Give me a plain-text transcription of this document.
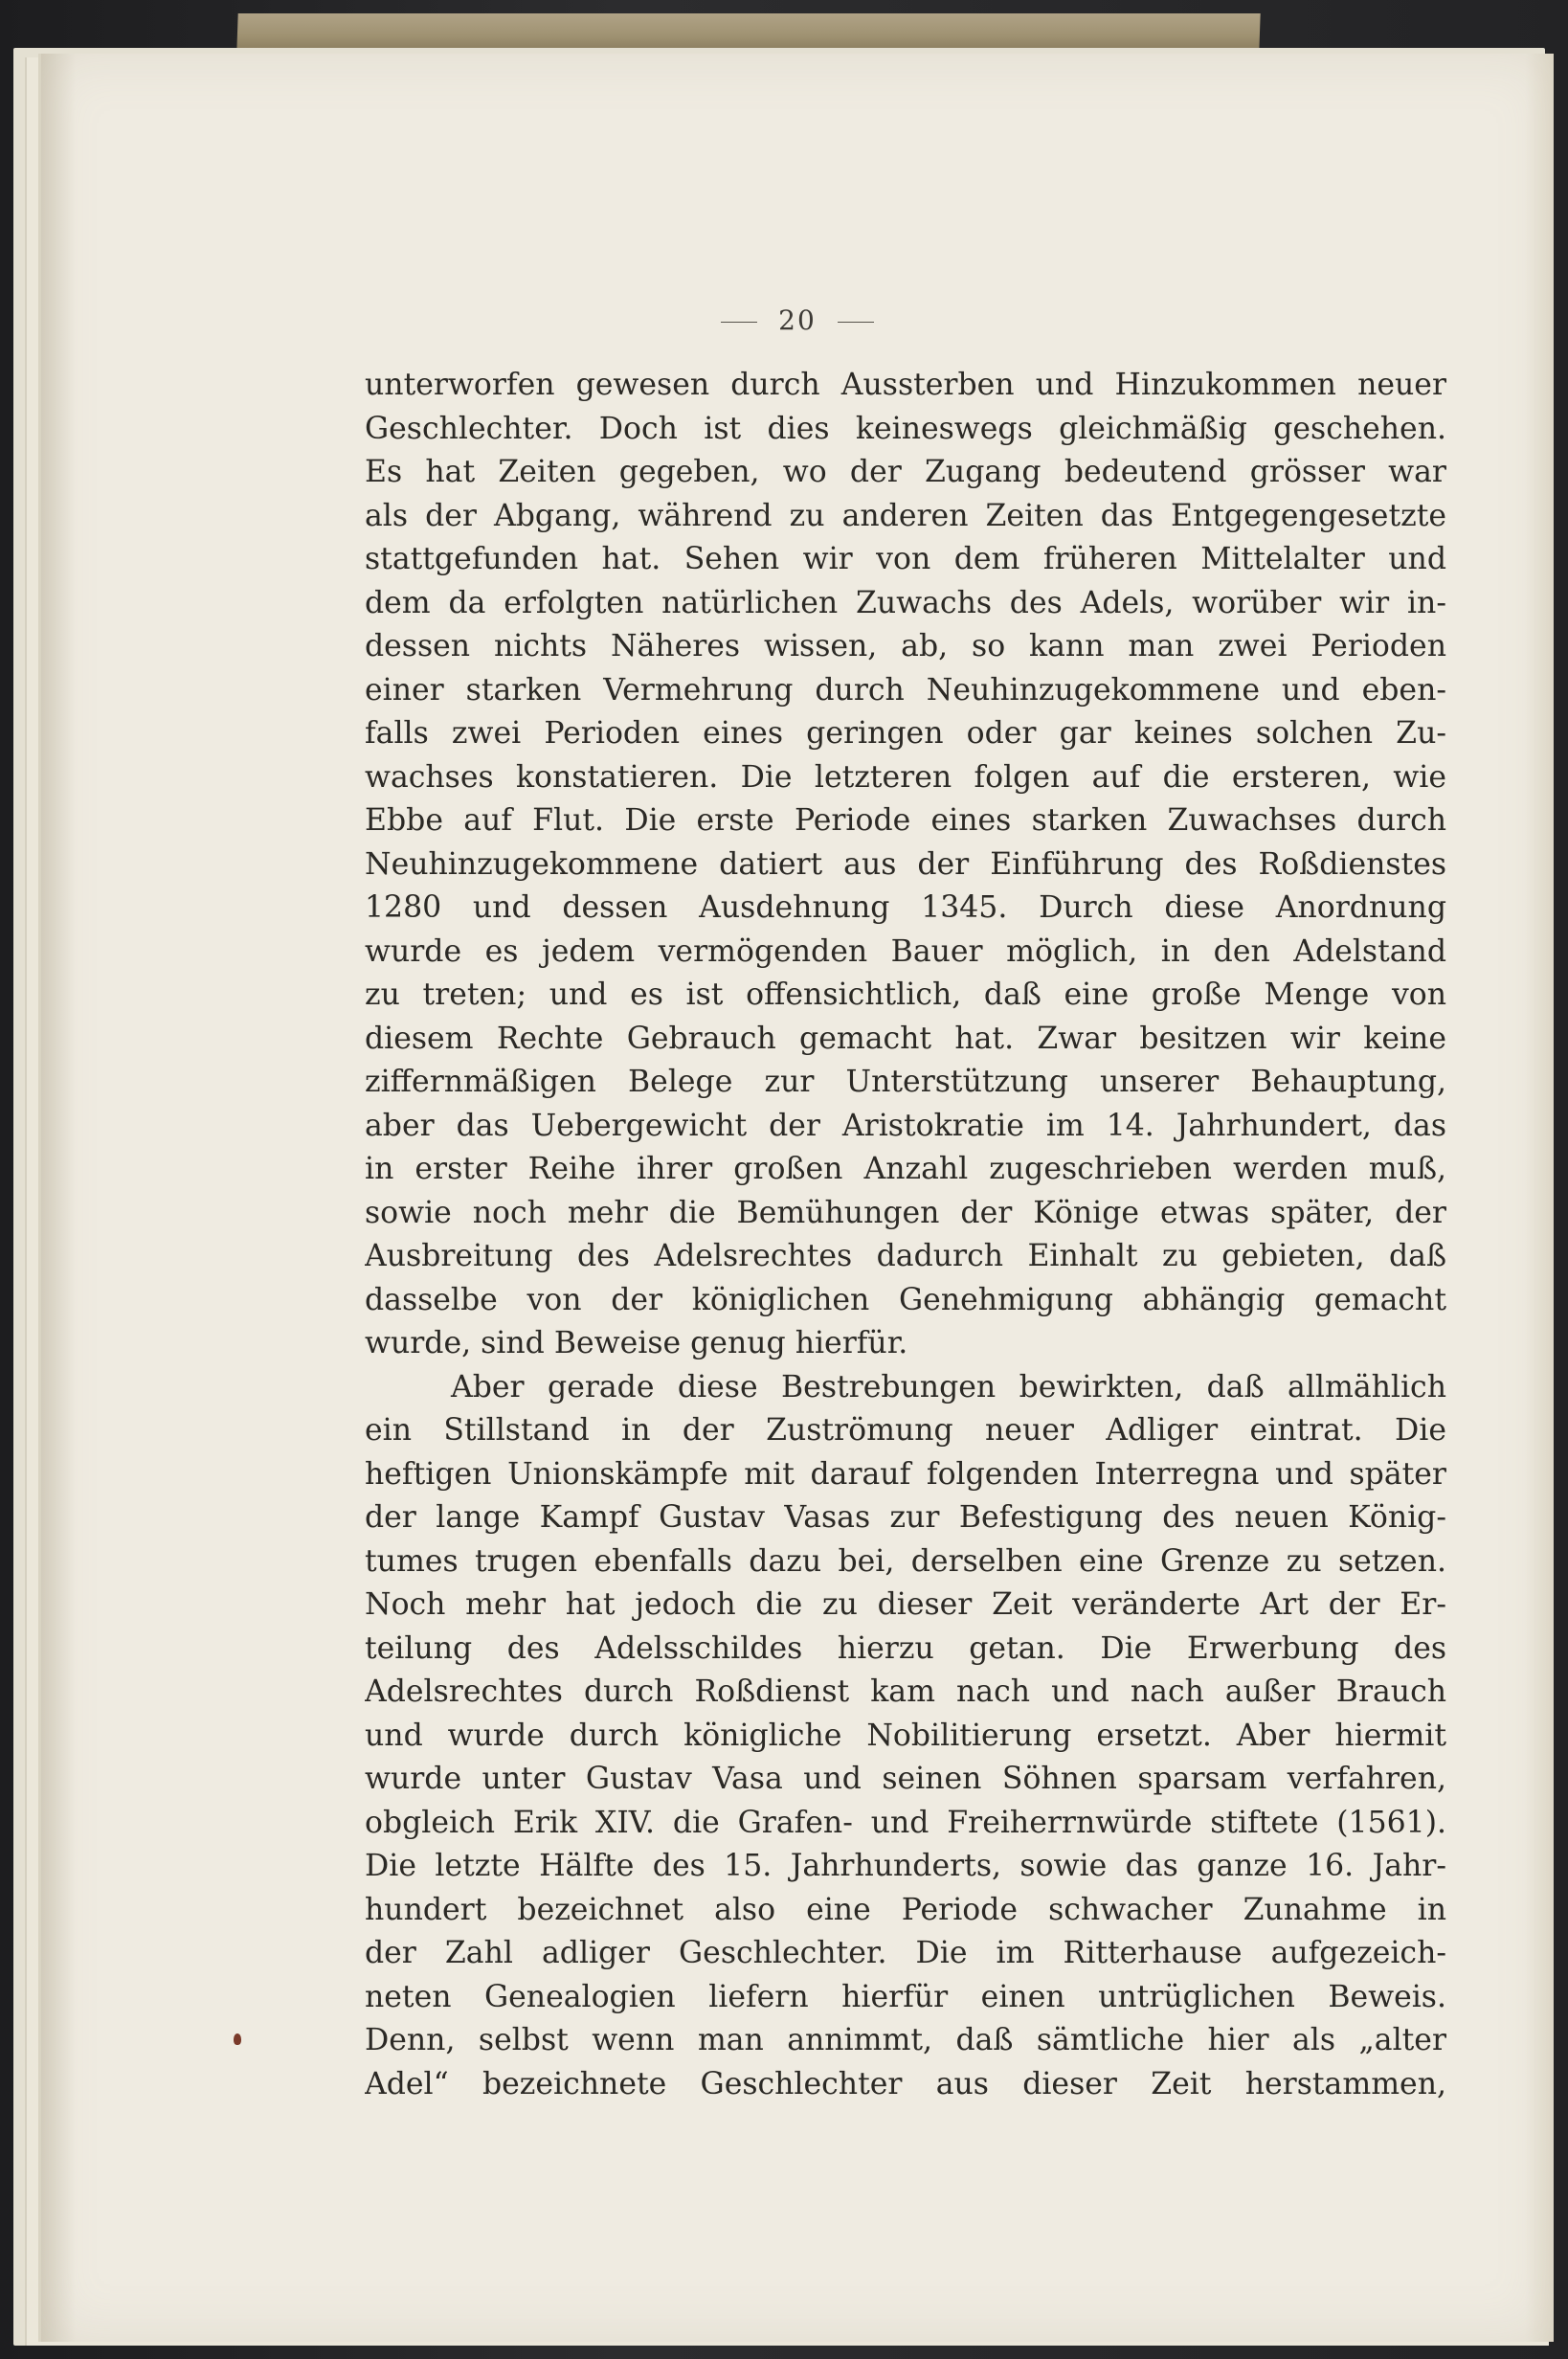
20
unterworfen gewesen durch Aussterben und Hinzukommen neuer
Geschlechter. Doch ist dies keineswegs gleichmäßig geschehen.
Es hat Zeiten gegeben, wo der Zugang bedeutend grösser war
als der Abgang, während zu anderen Zeiten das Entgegengesetzte
stattgefunden hat. Sehen wir von dem früheren Mittelalter und
dem da erfolgten natürlichen Zuwachs des Adels, worüber wir in-
dessen nichts Näheres wissen, ab, so kann man zwei Perioden
einer starken Vermehrung durch Neuhinzugekommene und eben-
falls zwei Perioden eines geringen oder gar keines solchen Zu-
wachses konstatieren. Die letzteren folgen auf die ersteren, wie
Ebbe auf Flut. Die erste Periode eines starken Zuwachses durch
Neuhinzugekommene datiert aus der Einführung des Roßdienstes
1280 und dessen Ausdehnung 1345. Durch diese Anordnung
wurde es jedem vermögenden Bauer möglich, in den Adelstand
zu treten; und es ist offensichtlich, daß eine große Menge von
diesem Rechte Gebrauch gemacht hat. Zwar besitzen wir keine
ziffernmäßigen Belege zur Unterstützung unserer Behauptung,
aber das Uebergewicht der Aristokratie im 14. Jahrhundert, das
in erster Reihe ihrer großen Anzahl zugeschrieben werden muß,
sowie noch mehr die Bemühungen der Könige etwas später, der
Ausbreitung des Adelsrechtes dadurch Einhalt zu gebieten, daß
dasselbe von der königlichen Genehmigung abhängig gemacht
wurde, sind Beweise genug hierfür.
Aber gerade diese Bestrebungen bewirkten, daß allmählich
ein Stillstand in der Zuströmung neuer Adliger eintrat. Die
heftigen Unionskämpfe mit darauf folgenden Interregna und später
der lange Kampf Gustav Vasas zur Befestigung des neuen König-
tumes trugen ebenfalls dazu bei, derselben eine Grenze zu setzen.
Noch mehr hat jedoch die zu dieser Zeit veränderte Art der Er-
teilung des Adelsschildes hierzu getan. Die Erwerbung des
Adelsrechtes durch Roßdienst kam nach und nach außer Brauch
und wurde durch königliche Nobilitierung ersetzt. Aber hiermit
wurde unter Gustav Vasa und seinen Söhnen sparsam verfahren,
obgleich Erik XIV. die Grafen- und Freiherrnwürde stiftete (1561).
Die letzte Hälfte des 15. Jahrhunderts, sowie das ganze 16. Jahr-
hundert bezeichnet also eine Periode schwacher Zunahme in
der Zahl adliger Geschlechter. Die im Ritterhause aufgezeich-
neten Genealogien liefern hierfür einen untrüglichen Beweis.
Denn, selbst wenn man annimmt, daß sämtliche hier als „alter
Adel“ bezeichnete Geschlechter aus dieser Zeit herstammen,
